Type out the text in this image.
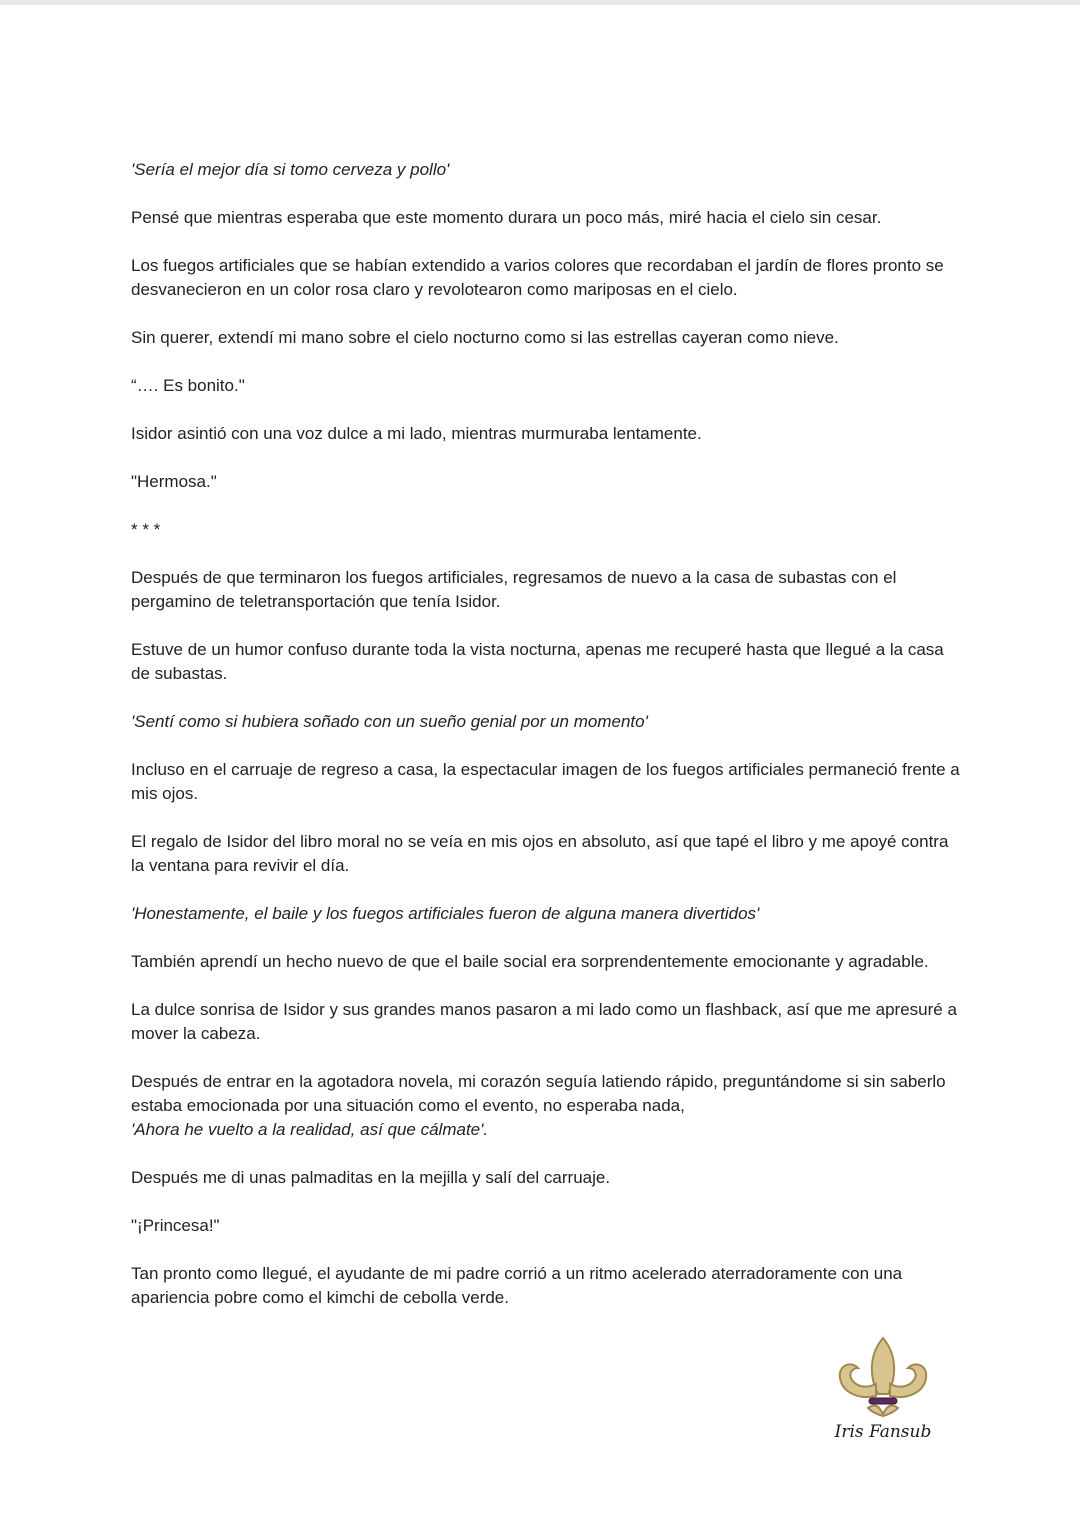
'Sería el mejor día si tomo cerveza y pollo'

Pensé que mientras esperaba que este momento durara un poco más, miré hacia el cielo sin cesar.

Los fuegos artificiales que se habían extendido a varios colores que recordaban el jardín de flores pronto se desvanecieron en un color rosa claro y revolotearon como mariposas en el cielo.

Sin querer, extendí mi mano sobre el cielo nocturno como si las estrellas cayeran como nieve.

“…. Es bonito."

Isidor asintió con una voz dulce a mi lado, mientras murmuraba lentamente.

"Hermosa."

* * *

Después de que terminaron los fuegos artificiales, regresamos de nuevo a la casa de subastas con el pergamino de teletransportación que tenía Isidor.

Estuve de un humor confuso durante toda la vista nocturna, apenas me recuperé hasta que llegué a la casa de subastas.

'Sentí como si hubiera soñado con un sueño genial por un momento'

Incluso en el carruaje de regreso a casa, la espectacular imagen de los fuegos artificiales permaneció frente a mis ojos.

El regalo de Isidor del libro moral no se veía en mis ojos en absoluto, así que tapé el libro y me apoyé contra la ventana para revivir el día.

'Honestamente, el baile y los fuegos artificiales fueron de alguna manera divertidos'

También aprendí un hecho nuevo de que el baile social era sorprendentemente emocionante y agradable.

La dulce sonrisa de Isidor y sus grandes manos pasaron a mi lado como un flashback, así que me apresuré a mover la cabeza.

Después de entrar en la agotadora novela, mi corazón seguía latiendo rápido, preguntándome si sin saberlo estaba emocionada por una situación como el evento, no esperaba nada,
'Ahora he vuelto a la realidad, así que cálmate'.

Después me di unas palmaditas en la mejilla y salí del carruaje.

"¡Princesa!"

Tan pronto como llegué, el ayudante de mi padre corrió a un ritmo acelerado aterradoramente con una apariencia pobre como el kimchi de cebolla verde.

Iris Fansub
